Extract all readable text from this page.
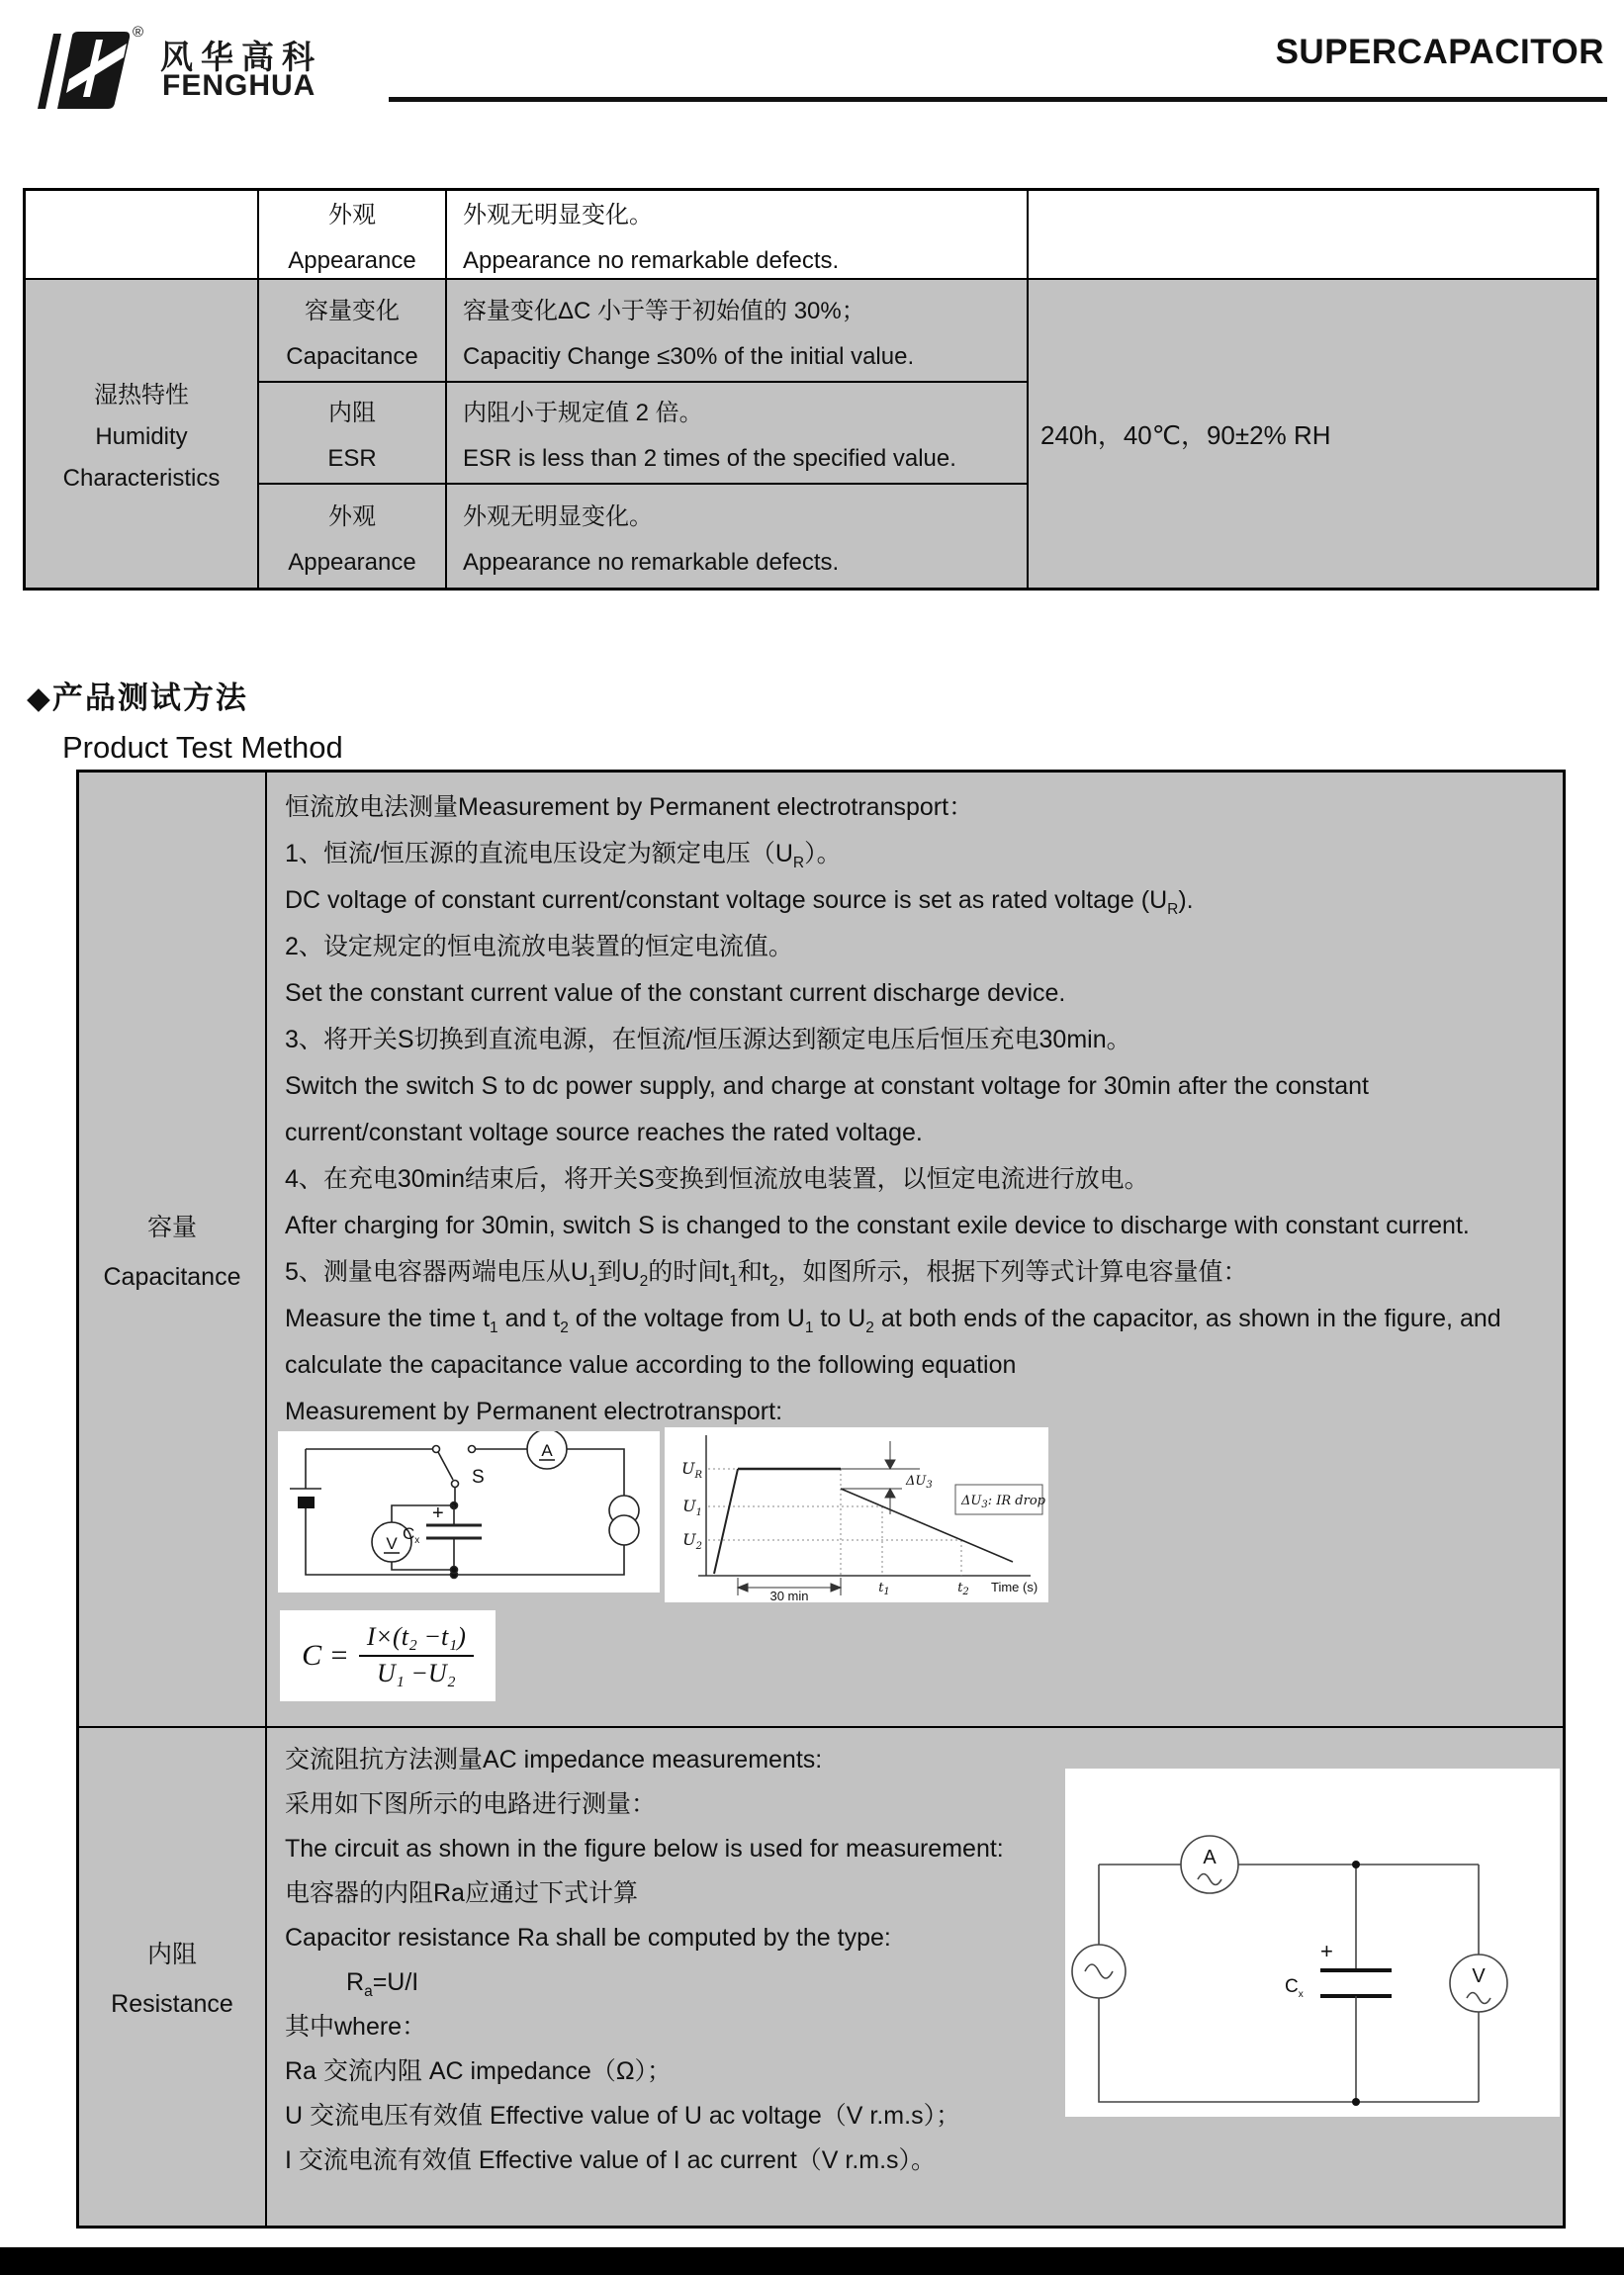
®
风华高科
FENGHUA
SUPERCAPACITOR
外观
Appearance
外观无明显变化。
Appearance no remarkable defects.
湿热特性
Humidity
Characteristics
容量变化
Capacitance
容量变化ΔC 小于等于初始值的 30%；
Capacitiy Change ≤30% of the initial value.
内阻
ESR
内阻小于规定值 2 倍。
ESR is less than 2 times of the specified value.
外观
Appearance
外观无明显变化。
Appearance no remarkable defects.
240h，40℃，90±2% RH
◆产品测试方法
Product Test Method
容量
Capacitance
恒流放电法测量Measurement by Permanent electrotransport：
1、恒流/恒压源的直流电压设定为额定电压$(U_R)$。
DC voltage of constant current/constant voltage source is set as rated voltage $(U_R)$.
2、设定规定的恒电流放电装置的恒定电流值。
Set the constant current value of the constant current discharge device.
3、将开关S切换到直流电源，在恒流/恒压源达到额定电压后恒压充电30min。
Switch the switch S to dc power supply, and charge at constant voltage for 30min after the constant
current/constant voltage source reaches the rated voltage.
4、在充电30min结束后，将开关S变换到恒流放电装置，以恒定电流进行放电。
After charging for 30min, switch S is changed to the constant exile device to discharge with constant current.
5、测量电容器两端电压从$U_1$到$U_2$的时间$t_1$和$t_2$，如图所示，根据下列等式计算电容量值：
Measure the time $t_1$ and $t_2$ of the voltage from $U_1$ to $U_2$ at both ends of the capacitor, as shown in the figure, and
calculate the capacitance value according to the following equation
Measurement by Permanent electrotransport:
内阻
Resistance
交流阻抗方法测量AC impedance measurements:
采用如下图所示的电路进行测量：
The circuit as shown in the figure below is used for measurement:
电容器的内阻Ra应通过下式计算
Capacitor resistance Ra shall be computed by the type:
$R_a=U/I$
其中where：
Ra 交流内阻 AC impedance（Ω）；
U 交流电压有效值 Effective value of U ac voltage（V r.m.s）；
I 交流电流有效值 Effective value of I ac current（V r.m.s）。
A
V
S
+
$C_x$
$\Delta U_3$
$\Delta U_3$: IR drop
$U_R$
$U_1$
$U_2$
30 min
$t_1$	$t_2$ Time (s)
$C = \frac{\text{I×(t₂ −t₁)}}{\text{U₁ −U₂}}$
A
V
+
$C_x$
